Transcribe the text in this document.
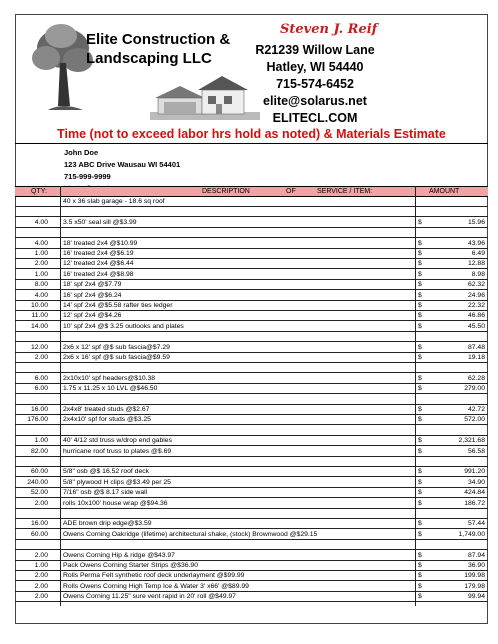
Elite Construction &
Landscaping LLC
Steven J. Reif
R21239 Willow Lane
Hatley, WI 54440
715-574-6452
elite@solarus.net
ELITECL.COM
Time (not to exceed labor hrs hold as noted) & Materials Estimate
John Doe
123 ABC Drive Wausau WI 54401
715-999-9999
QTY:	DESCRIPTION	OF	SERVICE / ITEM:	AMOUNT
40 x 36 slab garage - 18.6 sq roof
4.00 3.5 x50' seal sill @$3.99	$	15.96
4.00 18' treated 2x4 @$10.99	$	43.96
1.00 16' treated 2x4 @$6.19	$	6.49
2.00 12' treated 2x4 @$6.44	$	12.88
1.00 16' treated 2x4 @$8.98	$	8.98
8.00 18' spf 2x4 @$7.79	$	62.32
4.00 16' spf 2x4 @$6.24	$	24.96
10.00 14' spf 2x4 @$5.58 rafter ties ledger	$	22.32
11.00 12' spf 2x4 @$4.26	$	46.86
14.00 10' spf 2x4 @$ 3.25 outlooks and plates	$	45.50
12.00 2x6 x 12' spf @$ sub fascia@$7.29	$	87.48
2.00 2x6 x 16' spf @$ sub fascia@$9.59	$	19.18
6.00 2x10x10' spf headers@$10.38	$	62.28
6.00 1.75 x 11.25 x 10 LVL @$46.50	$	279.00
16.00 2x4x8' treated studs @$2.67	$	42.72
176.00 2x4x10' spf for studs @$3.25	$	572.00
1.00 40' 4/12 std truss w/drop end gables	$	2,321.68
82.00 hurricane roof truss to plates @$.69	$	56.58
60.00 5/8" osb @$ 16.52 roof deck	$	991.20
240.00 5/8" plywood H clips @$3.49 per 25	$	34.90
52.00 7/16" osb @$ 8.17 side wall	$	424.84
2.00 rolls 10x100' house wrap @$94.36	$	186.72
16.00 ADE brown drip edge@$3.59	$	57.44
60.00 Owens Corning Oakridge (lifetime) architectural shake, (stock) Brownwood @$29.15	$	1,749.00
2.00 Owens Corning Hip & ridge @$43.97	$	87.94
1.00 Pack Owens Corning Starter Strips @$36.90	$	36.90
2.00 Rolls Perma Felt synthetic roof deck underlayment @$99.99	$	199.98
2.00 Rolls Owens Corning High Temp Ice & Water 3' x66' @$89.99	$	179.98
2.00 Owens Corning 11.25" sure vent rapid in 20' roll @$49.97	$	99.94
